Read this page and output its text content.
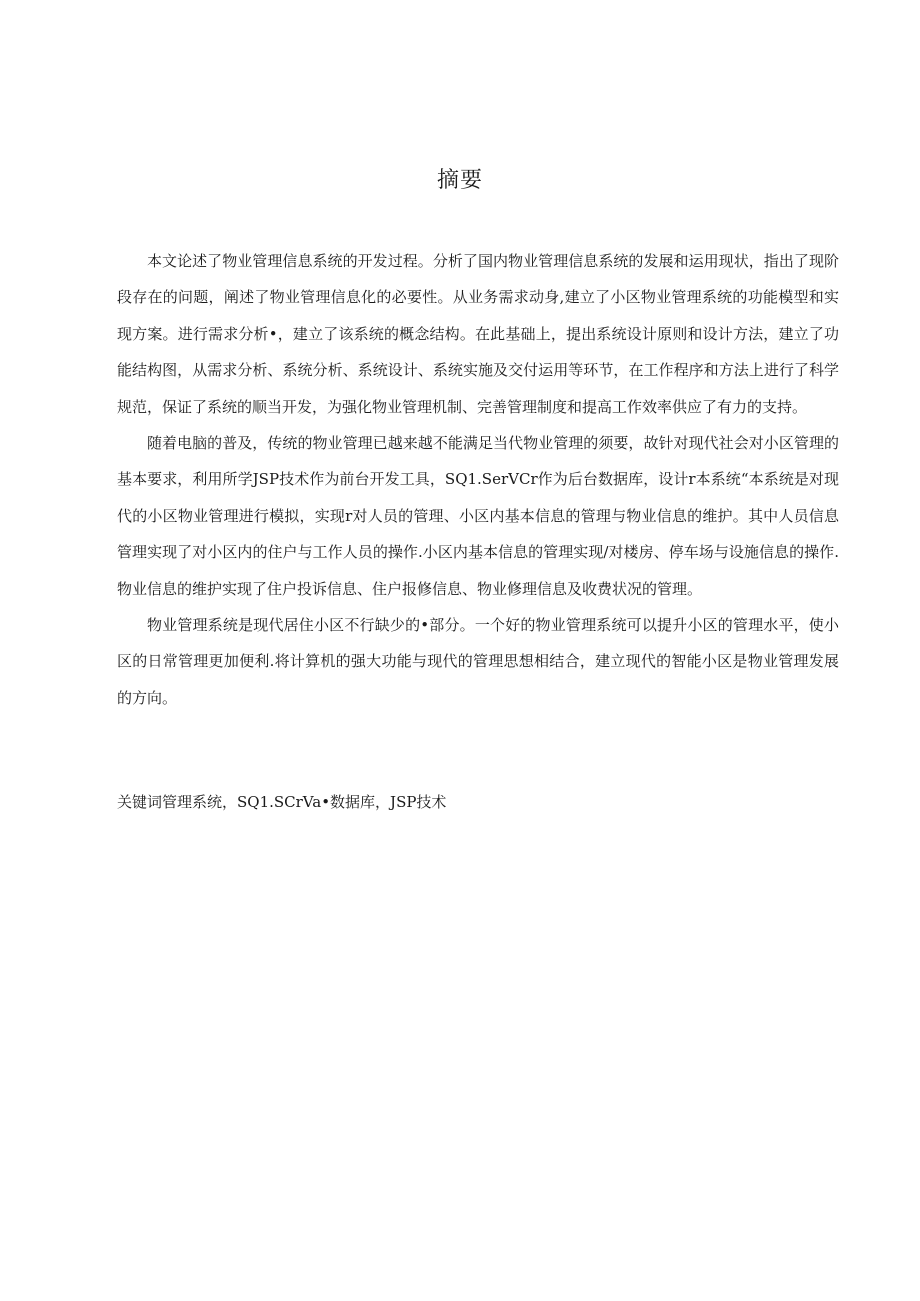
摘要

本文论述了物业管理信息系统的开发过程。分析了国内物业管理信息系统的发展和运用现状，指出了现阶段存在的问题，阐述了物业管理信息化的必要性。从业务需求动身,建立了小区物业管理系统的功能模型和实现方案。进行需求分析•，建立了该系统的概念结构。在此基础上，提出系统设计原则和设计方法，建立了功能结构图，从需求分析、系统分析、系统设计、系统实施及交付运用等环节，在工作程序和方法上进行了科学规范，保证了系统的顺当开发，为强化物业管理机制、完善管理制度和提高工作效率供应了有力的支持。

随着电脑的普及，传统的物业管理已越来越不能满足当代物业管理的须要，故针对现代社会对小区管理的基本要求，利用所学JSP技术作为前台开发工具，SQ1.SerVCr作为后台数据库，设计r本系统“本系统是对现代的小区物业管理进行模拟，实现r对人员的管理、小区内基本信息的管理与物业信息的维护。其中人员信息管理实现了对小区内的住户与工作人员的操作.小区内基本信息的管理实现/对楼房、停车场与设施信息的操作.物业信息的维护实现了住户投诉信息、住户报修信息、物业修理信息及收费状况的管理。

物业管理系统是现代居住小区不行缺少的•部分。一个好的物业管理系统可以提升小区的管理水平，使小区的日常管理更加便利.将计算机的强大功能与现代的管理思想相结合，建立现代的智能小区是物业管理发展的方向。

关键词管理系统，SQ1.SCrVa•数据库，JSP技术
